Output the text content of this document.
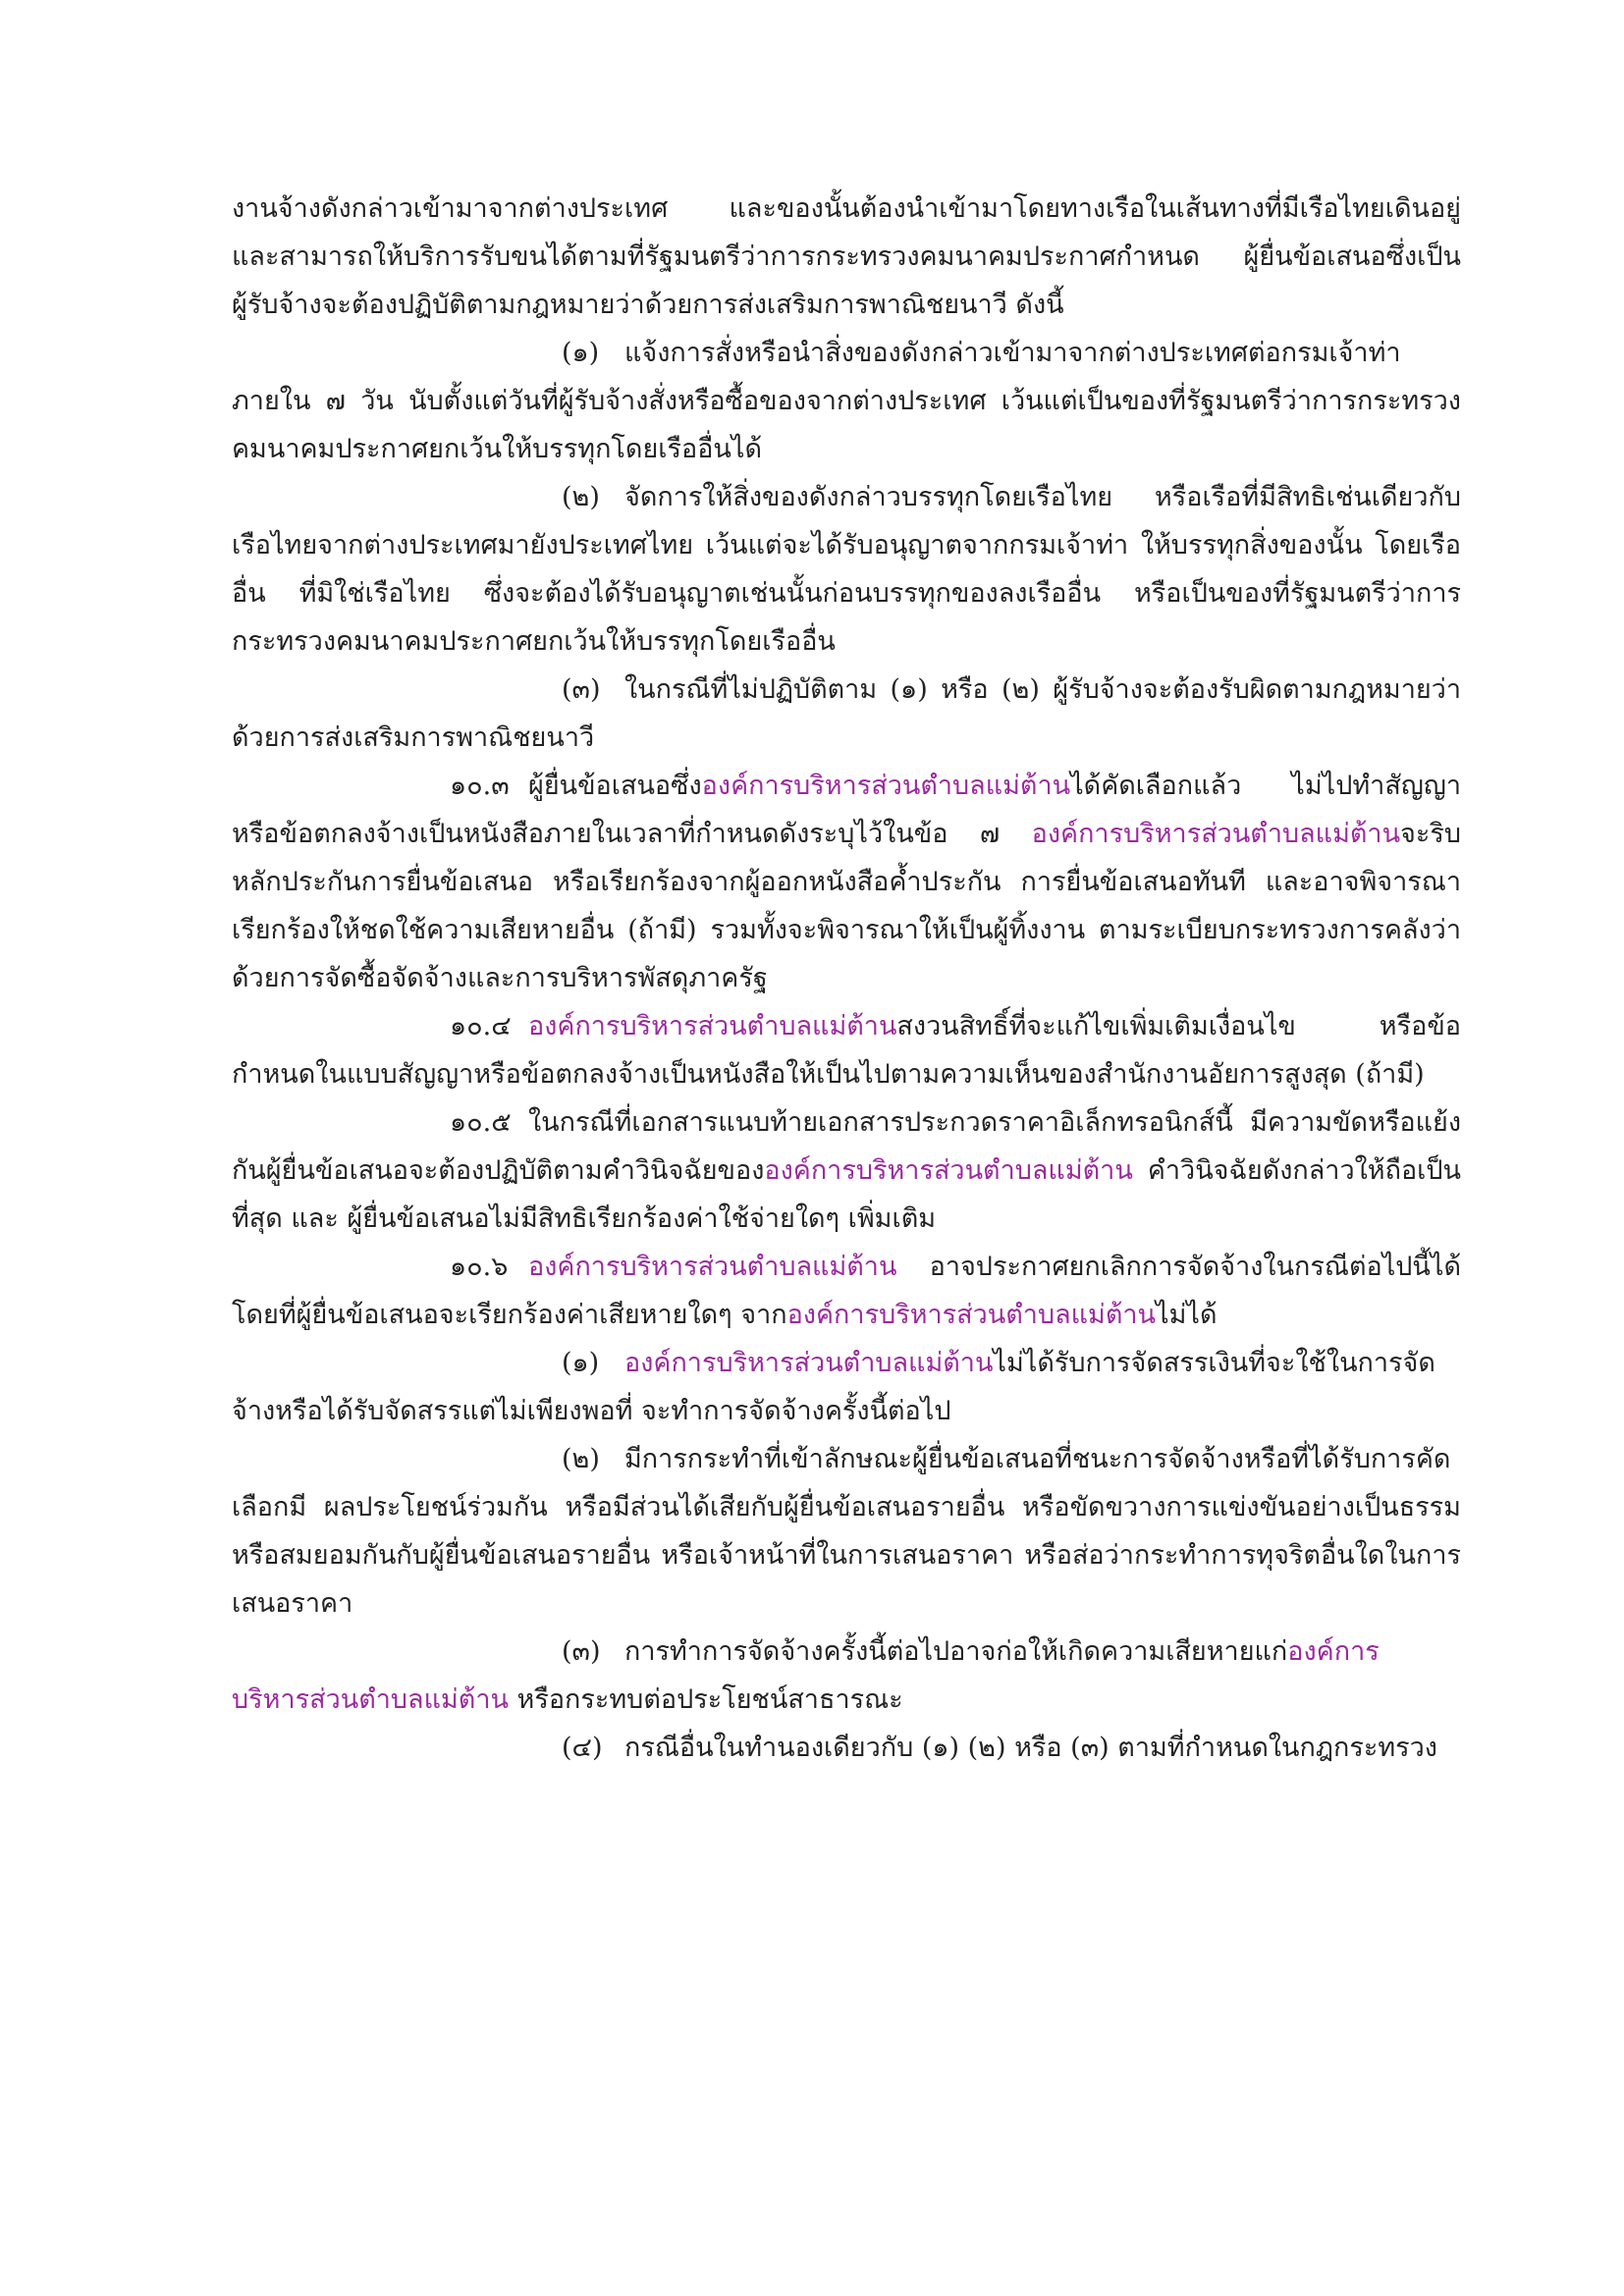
งานจ้างดังกล่าวเข้ามาจากต่างประเทศ และของนั้นต้องนำเข้ามาโดยทางเรือในเส้นทางที่มีเรือไทยเดินอยู่ และสามารถให้บริการรับขนได้ตามที่รัฐมนตรีว่าการกระทรวงคมนาคมประกาศกำหนด ผู้ยื่นข้อเสนอซึ่งเป็นผู้รับจ้างจะต้องปฏิบัติตามกฎหมายว่าด้วยการส่งเสริมการพาณิชยนาวี ดังนี้

(๑) แจ้งการสั่งหรือนำสิ่งของดังกล่าวเข้ามาจากต่างประเทศต่อกรมเจ้าท่าภายใน ๗ วัน นับตั้งแต่วันที่ผู้รับจ้างสั่งหรือซื้อของจากต่างประเทศ เว้นแต่เป็นของที่รัฐมนตรีว่าการกระทรวงคมนาคมประกาศยกเว้นให้บรรทุกโดยเรืออื่นได้

(๒) จัดการให้สิ่งของดังกล่าวบรรทุกโดยเรือไทย หรือเรือที่มีสิทธิเช่นเดียวกับเรือไทยจากต่างประเทศมายังประเทศไทย เว้นแต่จะได้รับอนุญาตจากกรมเจ้าท่า ให้บรรทุกสิ่งของนั้น โดยเรืออื่น ที่มิใช่เรือไทย ซึ่งจะต้องได้รับอนุญาตเช่นนั้นก่อนบรรทุกของลงเรืออื่น หรือเป็นของที่รัฐมนตรีว่าการกระทรวงคมนาคมประกาศยกเว้นให้บรรทุกโดยเรืออื่น

(๓) ในกรณีที่ไม่ปฏิบัติตาม (๑) หรือ (๒) ผู้รับจ้างจะต้องรับผิดตามกฎหมายว่าด้วยการส่งเสริมการพาณิชยนาวี

๑๐.๓ ผู้ยื่นข้อเสนอซึ่งองค์การบริหารส่วนตำบลแม่ต้านได้คัดเลือกแล้ว ไม่ไปทำสัญญาหรือข้อตกลงจ้างเป็นหนังสือภายในเวลาที่กำหนดดังระบุไว้ในข้อ ๗ องค์การบริหารส่วนตำบลแม่ต้านจะริบหลักประกันการยื่นข้อเสนอ หรือเรียกร้องจากผู้ออกหนังสือค้ำประกัน การยื่นข้อเสนอทันที และอาจพิจารณาเรียกร้องให้ชดใช้ความเสียหายอื่น (ถ้ามี) รวมทั้งจะพิจารณาให้เป็นผู้ทิ้งงาน ตามระเบียบกระทรวงการคลังว่าด้วยการจัดซื้อจัดจ้างและการบริหารพัสดุภาครัฐ

๑๐.๔ องค์การบริหารส่วนตำบลแม่ต้านสงวนสิทธิ์ที่จะแก้ไขเพิ่มเติมเงื่อนไข หรือข้อกำหนดในแบบสัญญาหรือข้อตกลงจ้างเป็นหนังสือให้เป็นไปตามความเห็นของสำนักงานอัยการสูงสุด (ถ้ามี)

๑๐.๕ ในกรณีที่เอกสารแนบท้ายเอกสารประกวดราคาอิเล็กทรอนิกส์นี้ มีความขัดหรือแย้งกันผู้ยื่นข้อเสนอจะต้องปฏิบัติตามคำวินิจฉัยขององค์การบริหารส่วนตำบลแม่ต้าน คำวินิจฉัยดังกล่าวให้ถือเป็นที่สุด และ ผู้ยื่นข้อเสนอไม่มีสิทธิเรียกร้องค่าใช้จ่ายใดๆ เพิ่มเติม

๑๐.๖ องค์การบริหารส่วนตำบลแม่ต้าน อาจประกาศยกเลิกการจัดจ้างในกรณีต่อไปนี้ได้ โดยที่ผู้ยื่นข้อเสนอจะเรียกร้องค่าเสียหายใดๆ จากองค์การบริหารส่วนตำบลแม่ต้านไม่ได้

(๑) องค์การบริหารส่วนตำบลแม่ต้านไม่ได้รับการจัดสรรเงินที่จะใช้ในการจัดจ้างหรือได้รับจัดสรรแต่ไม่เพียงพอที่ จะทำการจัดจ้างครั้งนี้ต่อไป

(๒) มีการกระทำที่เข้าลักษณะผู้ยื่นข้อเสนอที่ชนะการจัดจ้างหรือที่ได้รับการคัดเลือกมี ผลประโยชน์ร่วมกัน หรือมีส่วนได้เสียกับผู้ยื่นข้อเสนอรายอื่น หรือขัดขวางการแข่งขันอย่างเป็นธรรมหรือสมยอมกันกับผู้ยื่นข้อเสนอรายอื่น หรือเจ้าหน้าที่ในการเสนอราคา หรือส่อว่ากระทำการทุจริตอื่นใดในการเสนอราคา

(๓) การทำการจัดจ้างครั้งนี้ต่อไปอาจก่อให้เกิดความเสียหายแก่องค์การ
บริหารส่วนตำบลแม่ต้าน หรือกระทบต่อประโยชน์สาธารณะ

(๔) กรณีอื่นในทำนองเดียวกับ (๑) (๒) หรือ (๓) ตามที่กำหนดในกฎกระทรวง
